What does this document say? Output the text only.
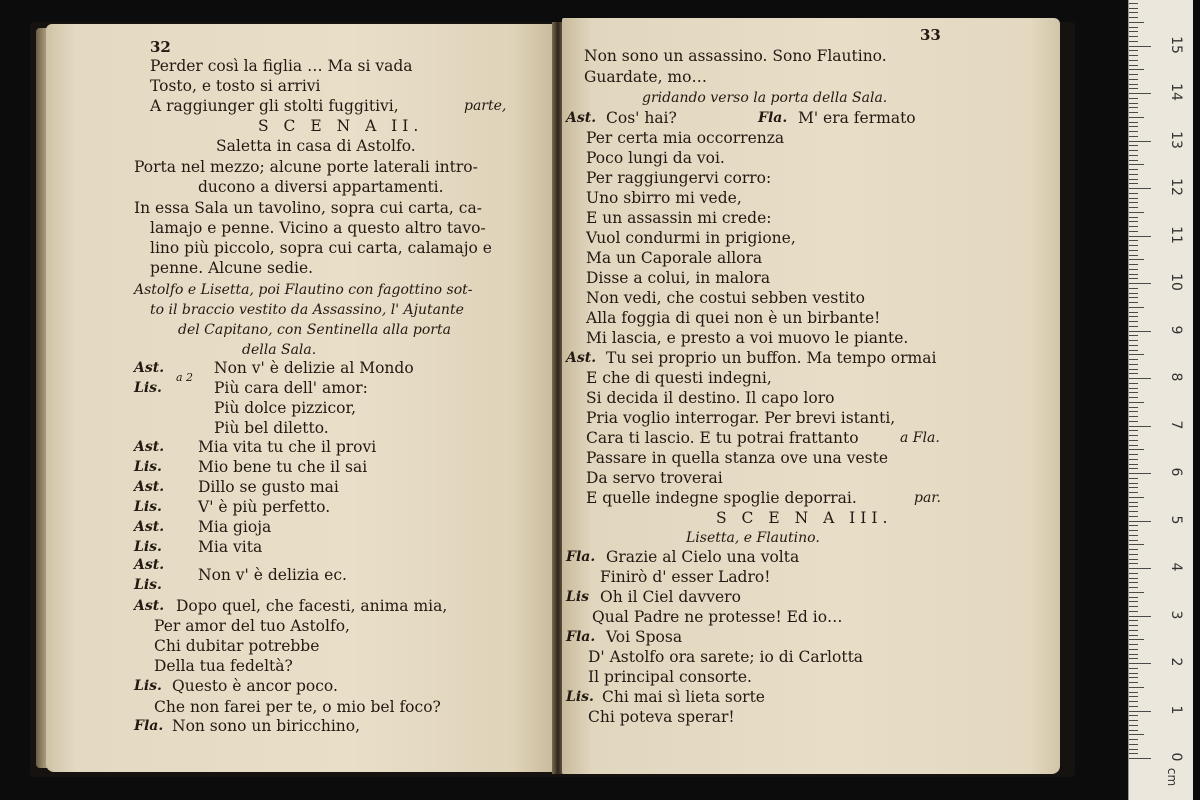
32
Perder così la figlia … Ma si vada
Tosto, e tosto si arrivi
A raggiunger gli stolti fuggitivi,	parte,
S C E N A II.
Saletta in casa di Astolfo.
Porta nel mezzo; alcune porte laterali intro-
ducono a diversi appartamenti.
In essa Sala un tavolino, sopra cui carta, ca-
lamajo e penne. Vicino a questo altro tavo-
lino più piccolo, sopra cui carta, calamajo e
penne. Alcune sedie.
Astolfo e Lisetta, poi Flautino con fagottino sot-
to il braccio vestito da Assassino, l' Ajutante
del Capitano, con Sentinella alla porta
della Sala.
Ast.	Non v' è delizie al Mondo
Lis.
a 2
Più cara dell' amor:
Più dolce pizzicor,
Più bel diletto.
Ast. Mia vita tu che il provi
Lis. Mio bene tu che il sai
Ast. Dillo se gusto mai
Lis. V' è più perfetto.
Ast. Mia gioja
Lis. Mia vita
Ast.
Lis.
Non v' è delizia ec.
Ast. Dopo quel, che facesti, anima mia,
Per amor del tuo Astolfo,
Chi dubitar potrebbe
Della tua fedeltà?
Lis. Questo è ancor poco.
Che non farei per te, o mio bel foco?
Fla. Non sono un biricchino,
33
Non sono un assassino. Sono Flautino.
Guardate, mo…
gridando verso la porta della Sala.
Ast. Cos' hai?	Fla. M' era fermato
Per certa mia occorrenza
Poco lungi da voi.
Per raggiungervi corro:
Uno sbirro mi vede,
E un assassin mi crede:
Vuol condurmi in prigione,
Ma un Caporale allora
Disse a colui, in malora
Non vedi, che costui sebben vestito
Alla foggia di quei non è un birbante!
Mi lascia, e presto a voi muovo le piante.
Ast. Tu sei proprio un buffon. Ma tempo ormai
E che di questi indegni,
Si decida il destino. Il capo loro
Pria voglio interrogar. Per brevi istanti,
Cara ti lascio. E tu potrai frattanto	a Fla.
Passare in quella stanza ove una veste
Da servo troverai
E quelle indegne spoglie deporrai.	par.
S C E N A III.
Lisetta, e Flautino.
Fla. Grazie al Cielo una volta
Finirò d' esser Ladro!
Lis Oh il Ciel davvero
Qual Padre ne protesse! Ed io…
Fla. Voi Sposa
D' Astolfo ora sarete; io di Carlotta
Il principal consorte.
Lis. Chi mai sì lieta sorte
Chi poteva sperar!
cm
0
1
2
3
4
5
6
7
8
9
10
11
12
13
14
15
